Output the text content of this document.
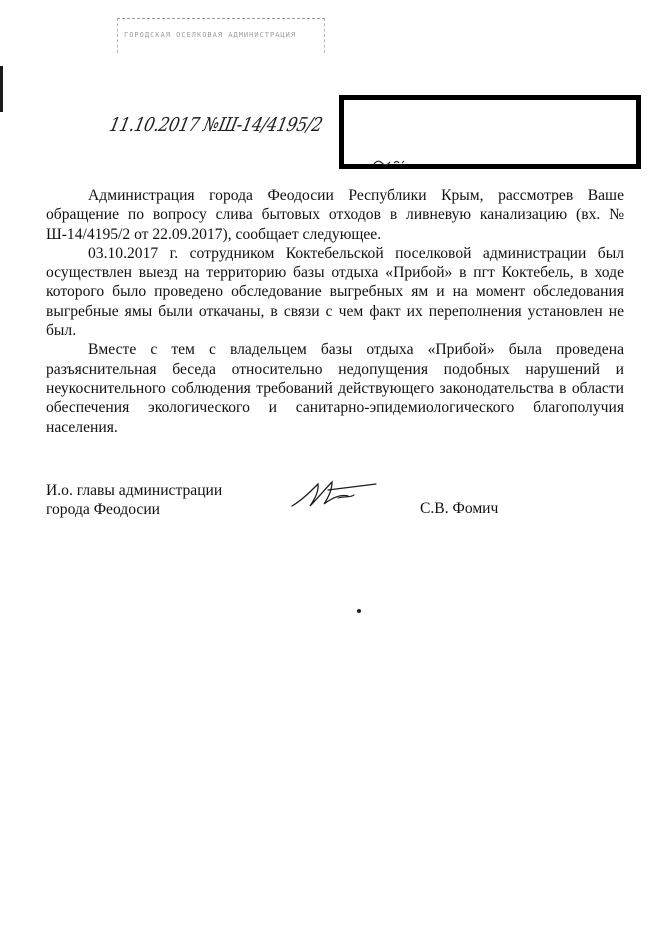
ГОРОДСКАЯ ОСЕЛКОВАЯ АДМИНИСТРАЦИЯ
11.10.2017 №Ш-14/4195/2

Администрация города Феодосии Республики Крым, рассмотрев Ваше обращение по вопросу слива бытовых отходов в ливневую канализацию (вх. № Ш-14/4195/2 от 22.09.2017), сообщает следующее.

03.10.2017 г. сотрудником Коктебельской поселковой администрации был осуществлен выезд на территорию базы отдыха «Прибой» в пгт Коктебель, в ходе которого было проведено обследование выгребных ям и на момент обследования выгребные ямы были откачаны, в связи с чем факт их переполнения установлен не был.

Вместе с тем с владельцем базы отдыха «Прибой» была проведена разъяснительная беседа относительно недопущения подобных нарушений и неукоснительного соблюдения требований действующего законодательства в области обеспечения экологического и санитарно-эпидемиологического благополучия населения.

И.о. главы администрации
города Феодосии	С.В. Фомич
